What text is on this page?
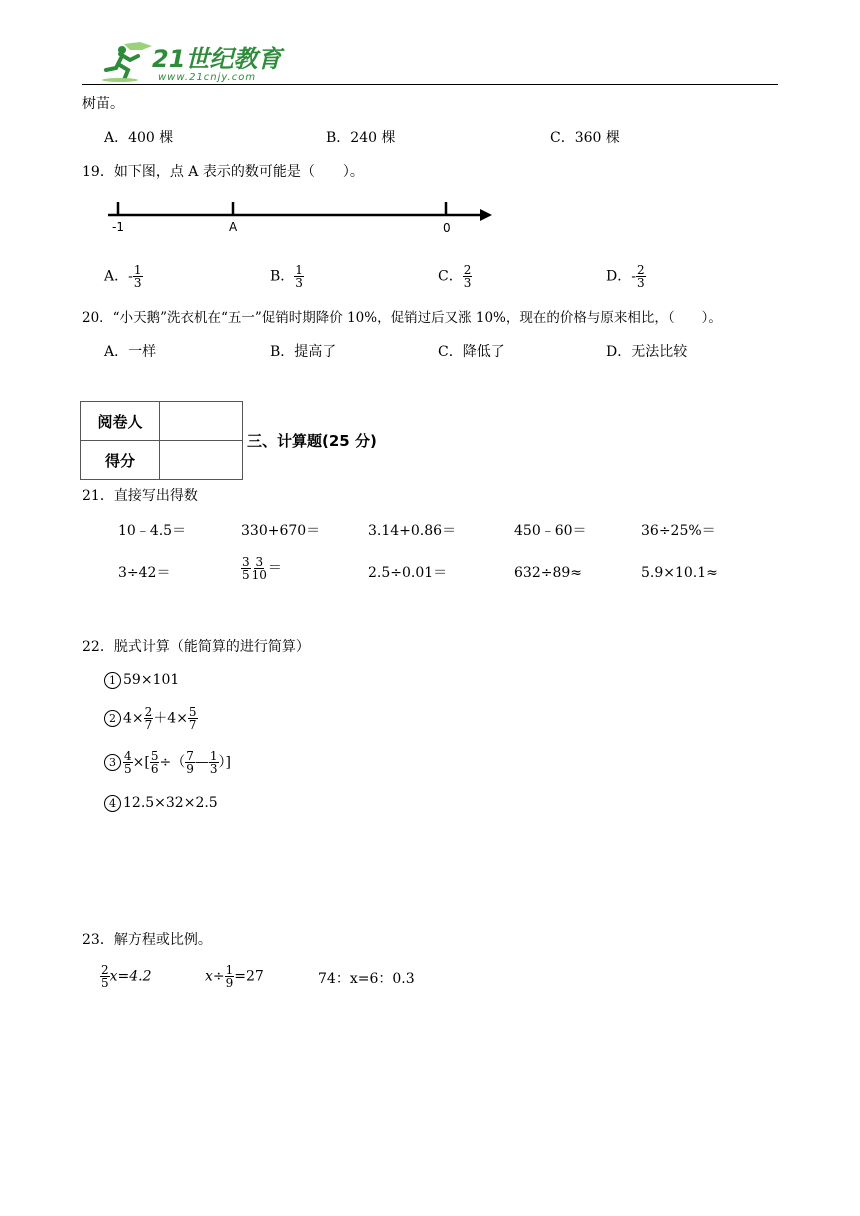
21世纪教育
www.21cnjy.com
树苗。
A．400 棵	B．240 棵	C．360 棵
19．如下图，点 A 表示的数可能是（　　）。
-1	A	0
A．- $\frac{1}{3}$	B． $\frac{1}{3}$	C． $\frac{2}{3}$	D．- $\frac{2}{3}$
20．“小天鹅”洗衣机在“五一”促销时期降价 10%，促销过后又涨 10%，现在的价格与原来相比，（　　）。
A．一样	B．提高了	C．降低了	D．无法比较
阅卷人	
得分	
三、计算题(25 分)
21．直接写出得数
10﹣4.5＝	330+670＝	3.14+0.86＝	450﹣60＝	36÷25%＝
3÷42＝	$\frac{3}{5} \frac{3}{10}$ ＝	2.5÷0.01＝	632÷89≈	5.9×10.1≈
22．脱式计算（能简算的进行简算）
1 59×101
2 $4\times \frac{2}{7} +4\times \frac{5}{7}$
$3 \frac{4}{5}$ ×[ $\frac{5}{6}$ ÷（ $\frac{7}{9}$ — $\frac{1}{3}$ ）]
4 12.5×32×2.5
23．解方程或比例。
$\frac{2}{5} x=4.2$	$x\div \frac{1}{9} =27$	74：x=6：0.3
